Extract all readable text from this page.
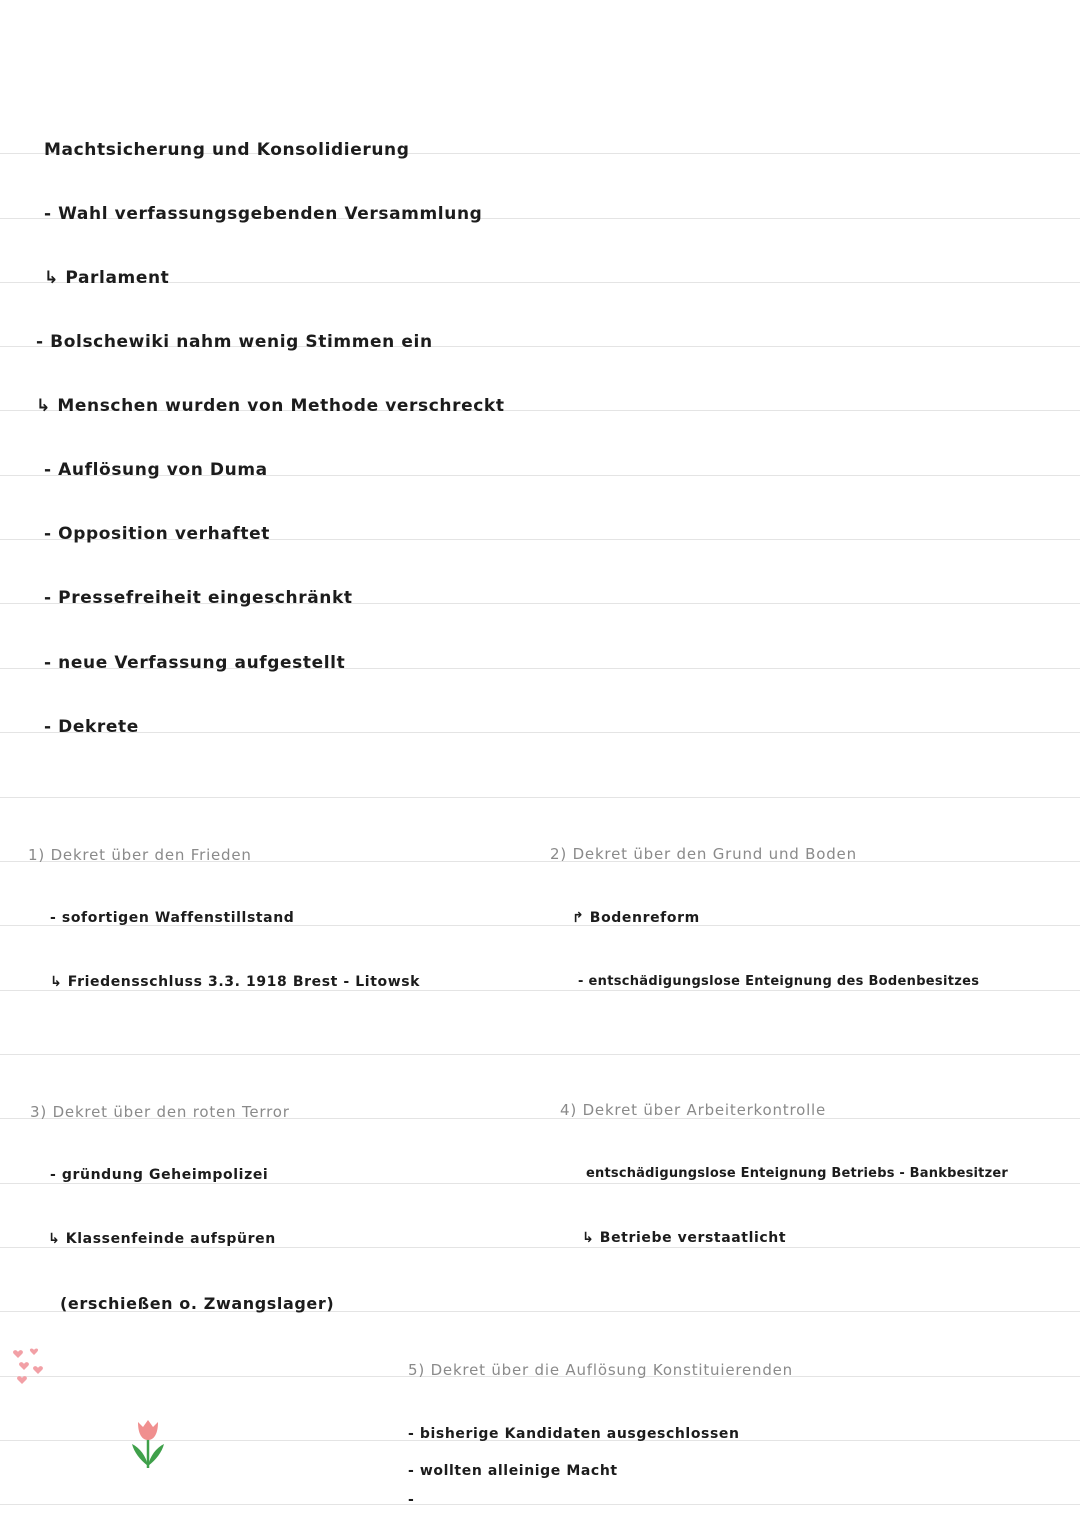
Machtsicherung und Konsolidierung
- Wahl verfassungsgebenden Versammlung
↳ Parlament
- Bolschewiki nahm wenig Stimmen ein
↳ Menschen wurden von Methode verschreckt
- Auflösung von Duma
- Opposition verhaftet
- Pressefreiheit eingeschränkt
- neue Verfassung aufgestellt
- Dekrete
1) Dekret über den Frieden
- sofortigen Waffenstillstand
↳ Friedensschluss 3.3. 1918 Brest - Litowsk
2) Dekret über den Grund und Boden
↱ Bodenreform
- entschädigungslose Enteignung des Bodenbesitzes
3) Dekret über den roten Terror
- gründung Geheimpolizei
↳ Klassenfeinde aufspüren
(erschießen o. Zwangslager)
4) Dekret über Arbeiterkontrolle
entschädigungslose Enteignung Betriebs - Bankbesitzer
↳ Betriebe verstaatlicht
5) Dekret über die Auflösung Konstituierenden
- bisherige Kandidaten ausgeschlossen
- wollten alleinige Macht
-
